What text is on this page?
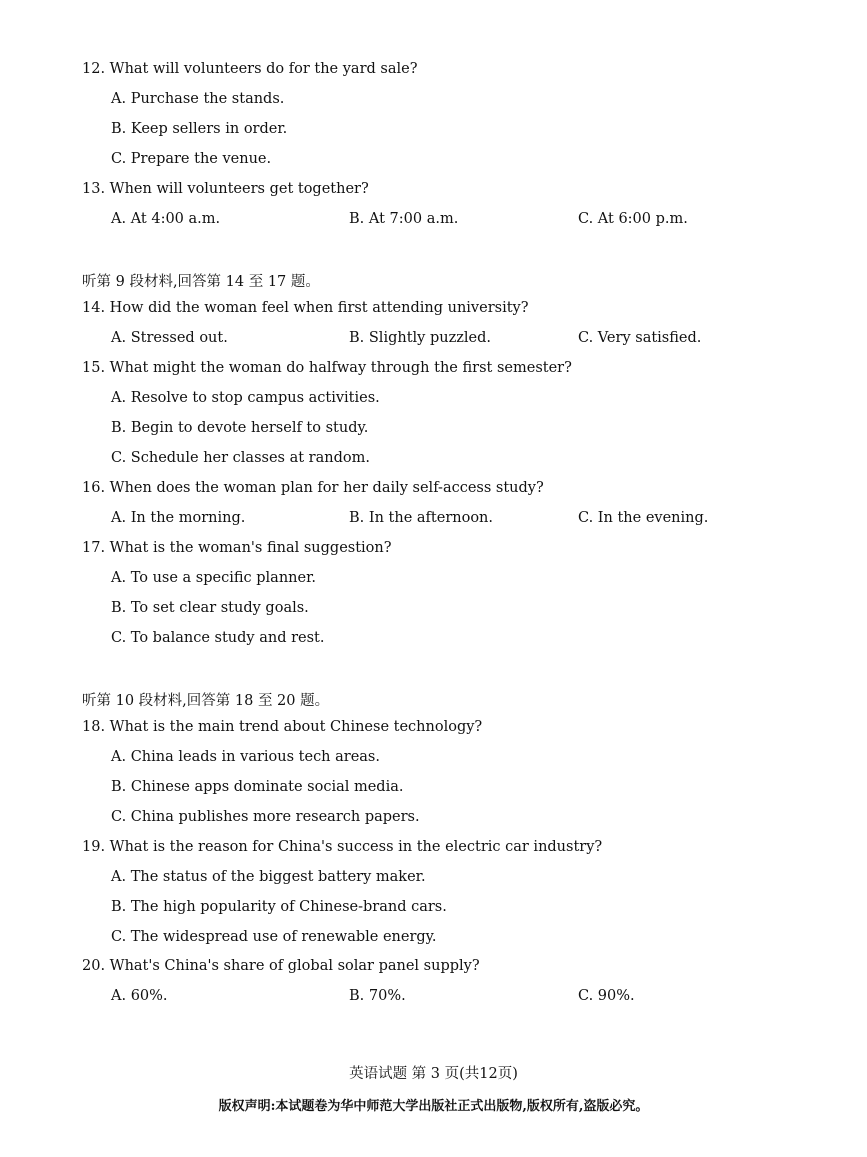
12. What will volunteers do for the yard sale?
A. Purchase the stands.
B. Keep sellers in order.
C. Prepare the venue.
13. When will volunteers get together?
A. At 4:00 a.m.	B. At 7:00 a.m.	C. At 6:00 p.m.
听第 9 段材料,回答第 14 至 17 题。
14. How did the woman feel when first attending university?
A. Stressed out.	B. Slightly puzzled.	C. Very satisfied.
15. What might the woman do halfway through the first semester?
A. Resolve to stop campus activities.
B. Begin to devote herself to study.
C. Schedule her classes at random.
16. When does the woman plan for her daily self-access study?
A. In the morning.	B. In the afternoon.	C. In the evening.
17. What is the woman's final suggestion?
A. To use a specific planner.
B. To set clear study goals.
C. To balance study and rest.
听第 10 段材料,回答第 18 至 20 题。
18. What is the main trend about Chinese technology?
A. China leads in various tech areas.
B. Chinese apps dominate social media.
C. China publishes more research papers.
19. What is the reason for China's success in the electric car industry?
A. The status of the biggest battery maker.
B. The high popularity of Chinese-brand cars.
C. The widespread use of renewable energy.
20. What's China's share of global solar panel supply?
A. 60%.	B. 70%.	C. 90%.
英语试题 第 3 页(共12页)
版权声明:本试题卷为华中师范大学出版社正式出版物,版权所有,盗版必究。
